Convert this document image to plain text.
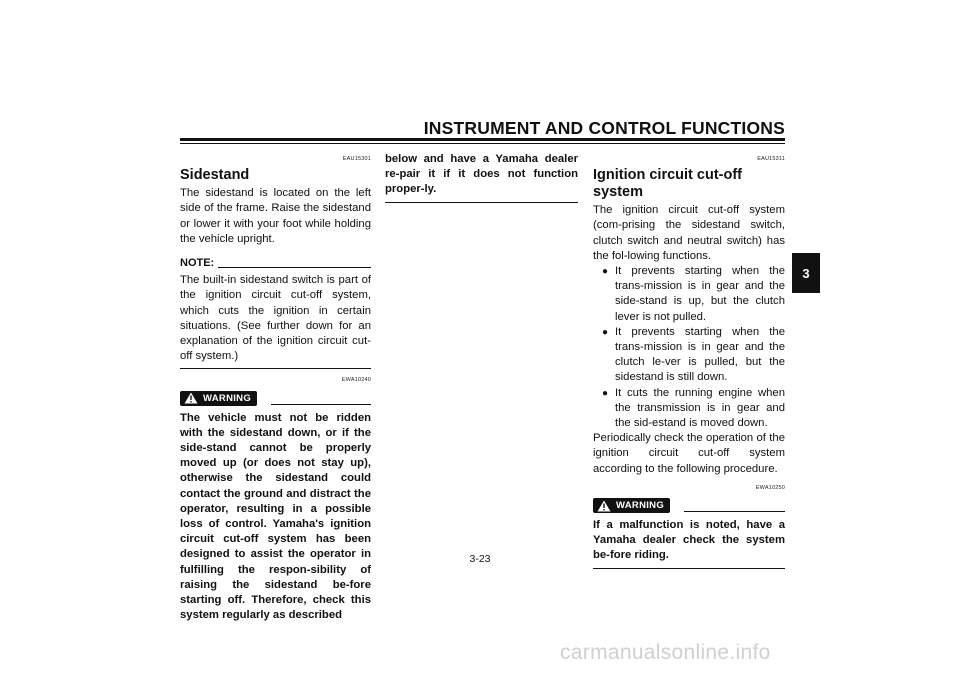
INSTRUMENT AND CONTROL FUNCTIONS
3
EAU15301

Sidestand

The sidestand is located on the left side of the frame. Raise the sidestand or lower it with your foot while holding the vehicle upright.

NOTE:

The built-in sidestand switch is part of the ignition circuit cut-off system, which cuts the ignition in certain situations. (See further down for an explanation of the ignition circuit cut-off system.)

EWA10240
WARNING

The vehicle must not be ridden with the sidestand down, or if the side-stand cannot be properly moved up (or does not stay up), otherwise the sidestand could contact the ground and distract the operator, resulting in a possible loss of control. Yamaha's ignition circuit cut-off system has been designed to assist the operator in fulfilling the respon-sibility of raising the sidestand be-fore starting off. Therefore, check this system regularly as described

below and have a Yamaha dealer re-pair it if it does not function proper-ly.

EAU15311

Ignition circuit cut-off system

The ignition circuit cut-off system (com-prising the sidestand switch, clutch switch and neutral switch) has the fol-lowing functions.

● It prevents starting when the trans-mission is in gear and the side-stand is up, but the clutch lever is not pulled.
● It prevents starting when the trans-mission is in gear and the clutch le-ver is pulled, but the sidestand is still down.
● It cuts the running engine when the transmission is in gear and the sid-estand is moved down.

Periodically check the operation of the ignition circuit cut-off system according to the following procedure.

EWA10250
WARNING

If a malfunction is noted, have a Yamaha dealer check the system be-fore riding.

3-23
carmanualsonline.info
